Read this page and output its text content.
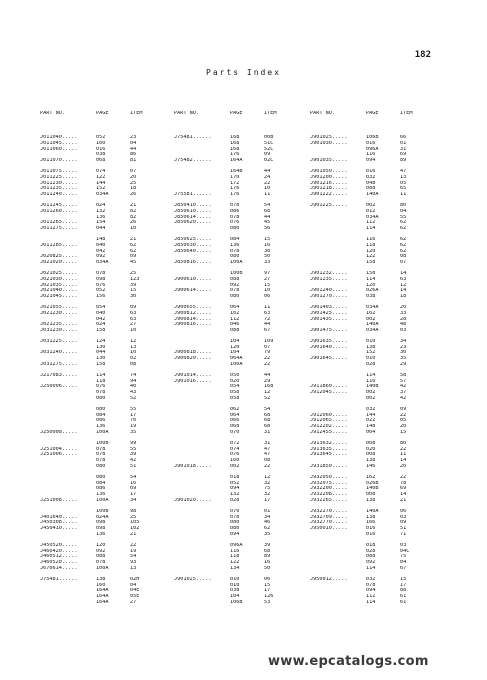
182
Parts Index

PART NO.	PAGE	ITEM

J011040.....	052	23
J011045.....	160	04
J011060.....	016	44
038	86
J011070.....	068	81
J011075.....	074	07
J011225.....	122	20
J011230.....	144	25
J011235.....	152	18
J011240.....	034A	26
J011245.....	024	21
J011260.....	132	82
136	82
J011265.....	154	26
J011275.....	044	10
148	21
J011285.....	040	62
042	62
J020825.....	092	09
J021020.....	034A	45
J021025.....	078	25
J021030.....	098	123
J021035.....	076	39
J021040.....	052	15
J021045.....	156	30
J021055.....	054	09
J021230.....	040	63
042	63
J021235.....	024	27
J031230.....	158	10
J031225.....	124	12
130	13
J031240.....	044	10
130	02
J031275.....	158	08
J217083.....	114	74
118	94
J250006.....	076	40
078	43
080	52
080	55
084	17
086	70
136	19
J250008.....	100A	35
100B	99
J251004.....	078	55
J251006.....	078	39
078	42
080	51
080	54
084	16
086	69
136	17
J251008.....	100A	34
100B	98
J401640.....	024A	25
J450308.....	098	105
J450410.....	098	102
136	21
J450520.....	120	22
J460420.....	092	19
J460512.....	088	54
J460520.....	078	93
J670614.....	100A	13
J75481......	138	02H
160	04
164A	04E
164A	05E
164A	27

PART NO.	PAGE	ITEM

J75481......	168	00B
168	51C
168	52C
176	09
J75482......	164A	02C
164B	44
170	24
172	22
176	10
J75581......	176	11
J850410.....	078	54
J850610.....	086	68
J850614.....	078	44
J850620.....	076	45
080	56
J850625.....	084	15
J850630.....	136	16
J850640.....	078	38
080	50
J850816.....	100A	33
100B	97
J900610.....	088	27
092	15
J900614.....	078	10
080	06
J900655.....	064	11
J900812.....	102	63
J900814.....	112	72
J900816.....	046	44
088	67
104	109
120	07
J900818.....	104	79
J900820.....	064A	22
100A	22
J901014.....	050	44
J901016.....	020	29
054	168
058	12
058	52
062	54
064	68
066	68
068	68
070	31
072	31
074	47
076	47
160	08
J901018.....	002	22
018	12
052	32
094	75
132	32
J901020.....	028	17
070	01
078	34
080	46
080	62
094	35
096A	39
116	68
118	89
122	16
134	50
J901025.....	010	06
010	15
038	17
104	126
106B	53

PART NO.	PAGE	ITEM

J901025.....	106B	66
J901030.....	016	01
096A	31
116	69
J901035.....	094	89
J901050.....	016	47
J901200.....	032	13
J901216.....	048	05
J901218.....	088	65
J901222.....	140A	11
J901225.....	002	80
012	04
034A	55
112	62
114	62
116	62
118	62
120	62
122	08
158	07
J901232.....	158	14
J901235.....	114	63
120	12
J901240.....	026A	14
J901270.....	038	18
J901403.....	034A	20
J901425.....	162	33
J901435.....	002	28
140A	48
J901475.....	034A	03
J901635.....	010	34
J901640.....	138	23
152	30
J901645.....	010	35
028	29
114	58
116	57
J911860.....	140B	42
J912045.....	002	37
002	42
032	09
J912060.....	144	22
J912065.....	022	05
J912202.....	148	20
J912455.....	004	15
J913632.....	008	80
J913635.....	020	22
J913645.....	008	11
138	14
J931850.....	146	20
J932050.....	162	22
J932075.....	026B	78
J932200.....	140B	69
J932208.....	008	14
J932265.....	138	21
J932270.....	140A	06
J932709.....	138	03
J932770.....	166	09
J950010.....	016	51
016	71
018	03
028	04C
088	75
092	04
114	67
J950012.....	032	15
078	17
094	88
112	61
114	61

www.epcatalogs.com
